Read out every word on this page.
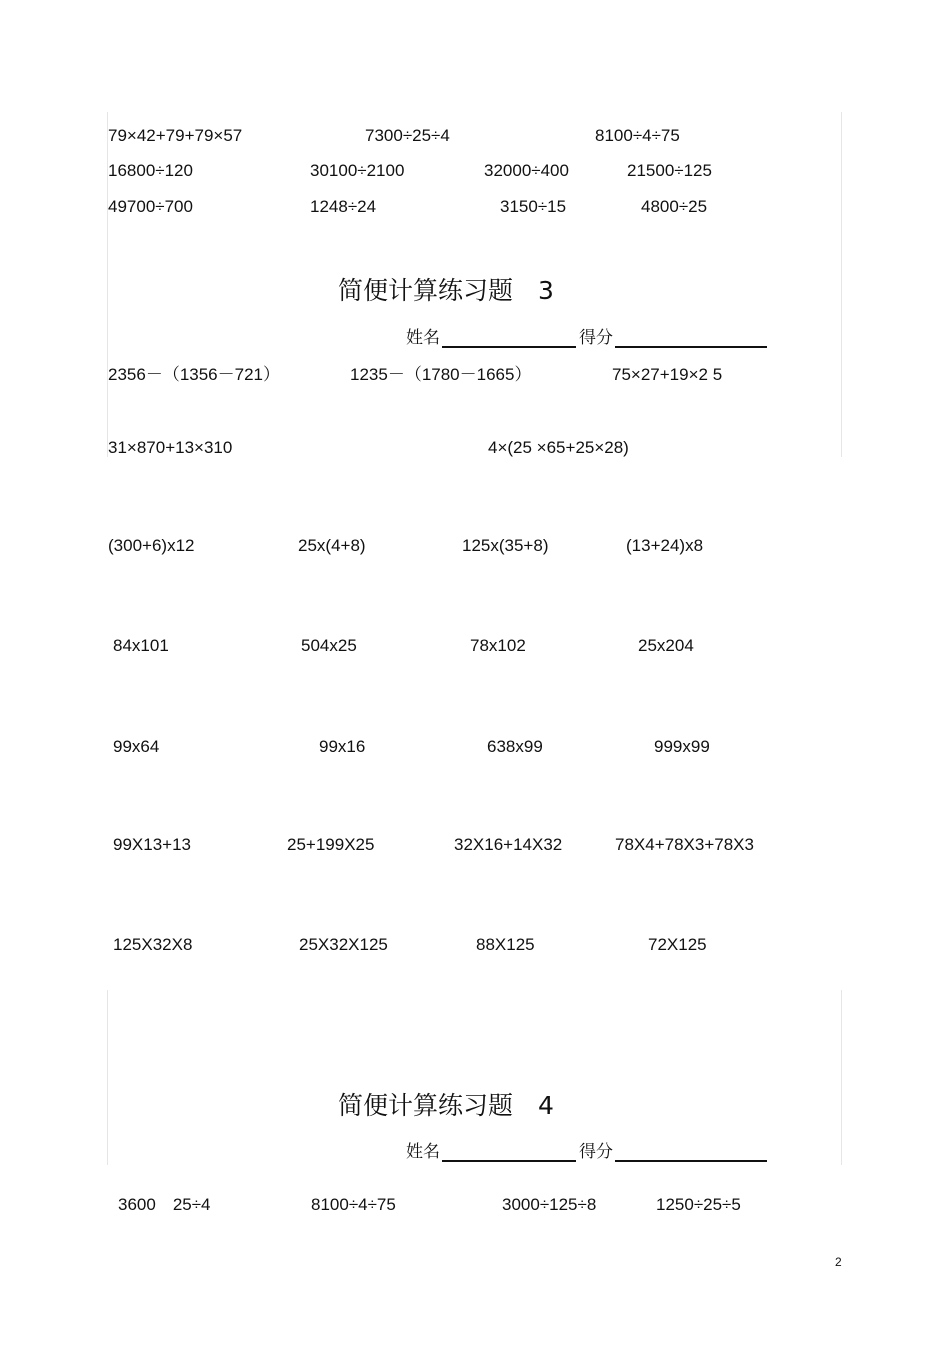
79×42+79+79×57	7300÷25÷4	8100÷4÷75
16800÷120	30100÷2100	32000÷400	21500÷125
49700÷700	1248÷24	3150÷15	4800÷25
简便计算练习题　3
姓名	得分
2356－（1356－721）	1235－（1780－1665）	75×27+19×2 5
31×870+13×310	4×(25 ×65+25×28)
(300+6)x12	25x(4+8)	125x(35+8)	(13+24)x8
84x101	504x25	78x102	25x204
99x64	99x16	638x99	999x99
99X13+13	25+199X25	32X16+14X32	78X4+78X3+78X3
125X32X8	25X32X125	88X125	72X125
简便计算练习题　4
姓名	得分
3600　25÷4	8100÷4÷75	3000÷125÷8	1250÷25÷5
2
